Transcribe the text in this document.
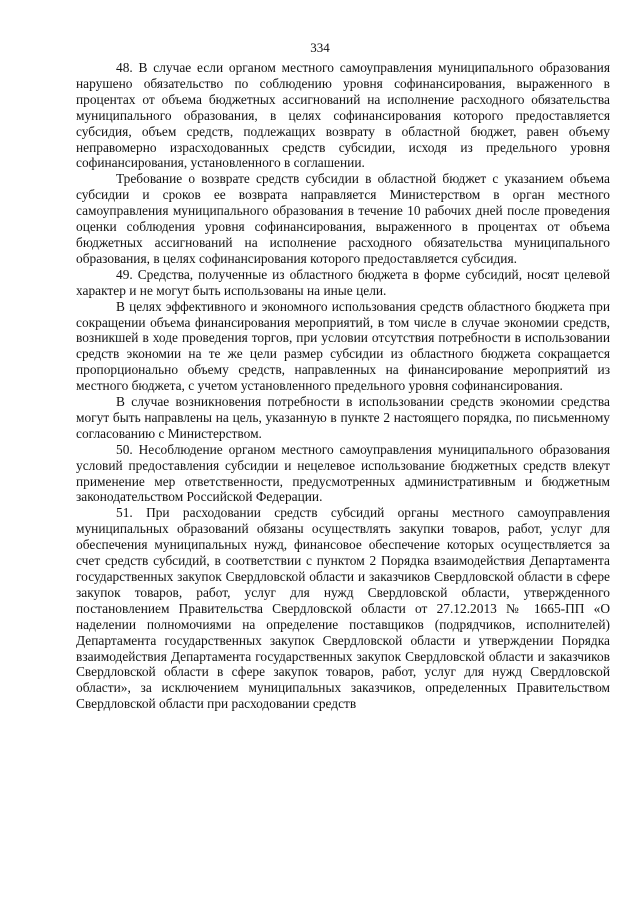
334

48. В случае если органом местного самоуправления муниципального образования нарушено обязательство по соблюдению уровня софинансирования, выраженного в процентах от объема бюджетных ассигнований на исполнение расходного обязательства муниципального образования, в целях софинансирования которого предоставляется субсидия, объем средств, подлежащих возврату в областной бюджет, равен объему неправомерно израсходованных средств субсидии, исходя из предельного уровня софинансирования, установленного в соглашении.

Требование о возврате средств субсидии в областной бюджет с указанием объема субсидии и сроков ее возврата направляется Министерством в орган местного самоуправления муниципального образования в течение 10 рабочих дней после проведения оценки соблюдения уровня софинансирования, выраженного в процентах от объема бюджетных ассигнований на исполнение расходного обязательства муниципального образования, в целях софинансирования которого предоставляется субсидия.

49. Средства, полученные из областного бюджета в форме субсидий, носят целевой характер и не могут быть использованы на иные цели.

В целях эффективного и экономного использования средств областного бюджета при сокращении объема финансирования мероприятий, в том числе в случае экономии средств, возникшей в ходе проведения торгов, при условии отсутствия потребности в использовании средств экономии на те же цели размер субсидии из областного бюджета сокращается пропорционально объему средств, направленных на финансирование мероприятий из местного бюджета, с учетом установленного предельного уровня софинансирования.

В случае возникновения потребности в использовании средств экономии средства могут быть направлены на цель, указанную в пункте 2 настоящего порядка, по письменному согласованию с Министерством.

50. Несоблюдение органом местного самоуправления муниципального образования условий предоставления субсидии и нецелевое использование бюджетных средств влекут применение мер ответственности, предусмотренных административным и бюджетным законодательством Российской Федерации.

51. При расходовании средств субсидий органы местного самоуправления муниципальных образований обязаны осуществлять закупки товаров, работ, услуг для обеспечения муниципальных нужд, финансовое обеспечение которых осуществляется за счет средств субсидий, в соответствии с пунктом 2 Порядка взаимодействия Департамента государственных закупок Свердловской области и заказчиков Свердловской области в сфере закупок товаров, работ, услуг для нужд Свердловской области, утвержденного постановлением Правительства Свердловской области от 27.12.2013 № 1665-ПП «О наделении полномочиями на определение поставщиков (подрядчиков, исполнителей) Департамента государственных закупок Свердловской области и утверждении Порядка взаимодействия Департамента государственных закупок Свердловской области и заказчиков Свердловской области в сфере закупок товаров, работ, услуг для нужд Свердловской области», за исключением муниципальных заказчиков, определенных Правительством Свердловской области при расходовании средств
